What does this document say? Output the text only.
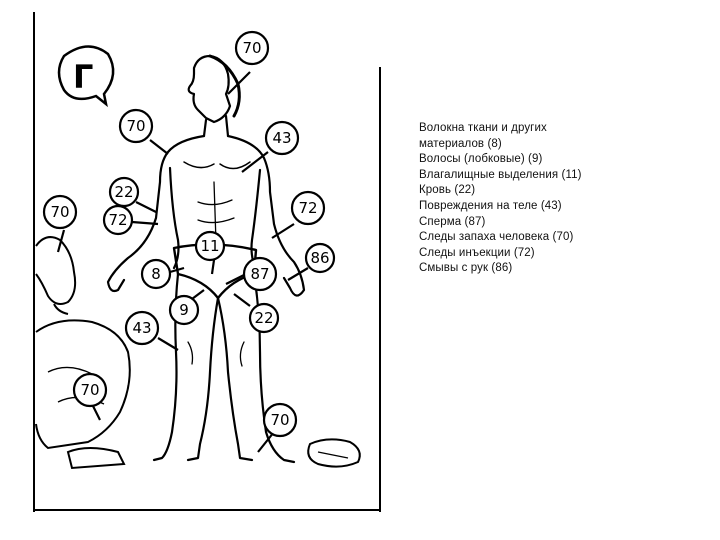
Г
70
70
43
22
72
70	72
86
11
8	87
9	22
43
70
70
Волокна ткани и других
материалов (8)
Волосы (лобковые) (9)
Влагалищные выделения (11)
Кровь (22)
Повреждения на теле (43)
Сперма (87)
Следы запаха человека (70)
Следы инъекции (72)
Смывы с рук (86)
